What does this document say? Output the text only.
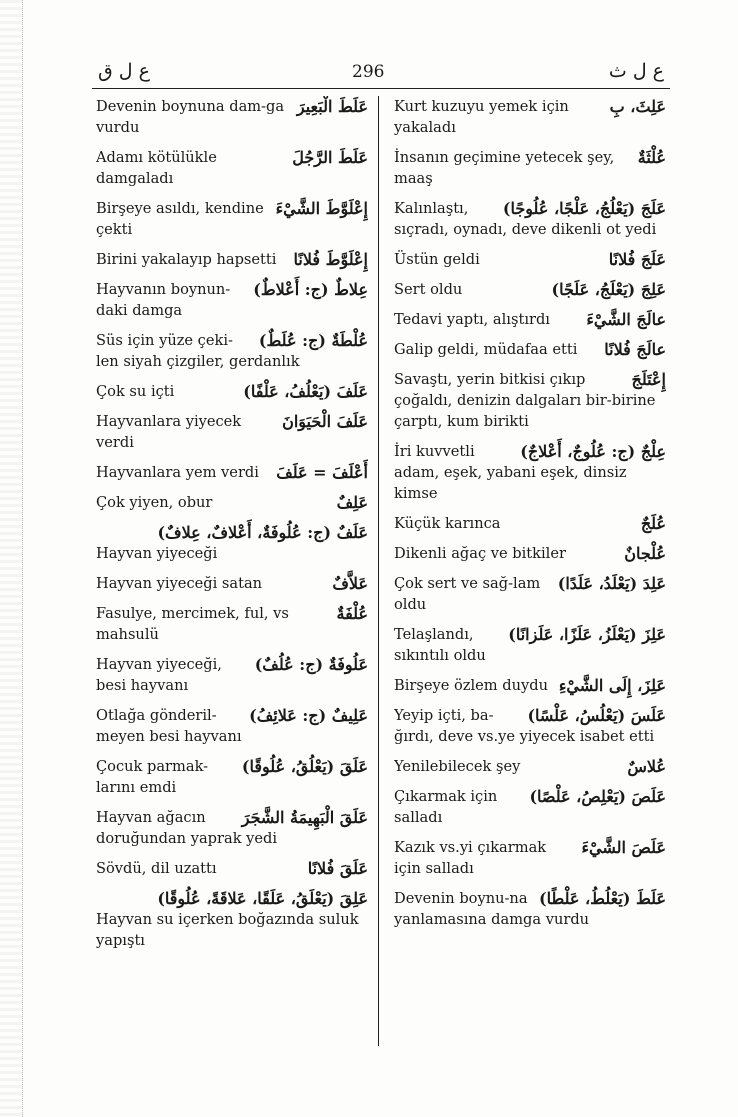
ع ل ق	296	ع ل ث
عَلَطَ الْبَعِيرَ
Devenin boynuna dam-ga vurdu
عَلَطَ الرَّجُلَ
Adamı kötülükle damgaladı
إِعْلَوَّطَ الشَّيْءَ
Birşeye asıldı, kendine çekti
إِعْلَوَّطَ فُلانًا
Birini yakalayıp hapsetti
عِلاطٌ (ج: أَعْلاطٌ)
Hayvanın boynun-daki damga
عُلْطَةٌ (ج: عُلَطٌ)
Süs için yüze çeki-len siyah çizgiler, gerdanlık
عَلَفَ (يَعْلُفُ، عَلْفًا)
Çok su içti
عَلَفَ الْحَيَوَانَ
Hayvanlara yiyecek verdi
أَعْلَفَ = عَلَفَ
Hayvanlara yem verdi
عَلِفٌ
Çok yiyen, obur
عَلَفٌ (ج: عُلُوفَةٌ، أَعْلافٌ، عِلافٌ)
Hayvan yiyeceği
عَلاَّفٌ
Hayvan yiyeceği satan
عُلْفَةٌ
Fasulye, mercimek, ful, vs mahsulü
عَلُوفَةٌ (ج: عُلُفٌ)
Hayvan yiyeceği, besi hayvanı
عَلِيفٌ (ج: عَلائِفُ)
Otlağa gönderil-meyen besi hayvanı
عَلَقَ (يَعْلُقُ، عُلُوقًا)
Çocuk parmak-larını emdi
عَلَقَ الْبَهِيمَةُ الشَّجَرَ
Hayvan ağacın doruğundan yaprak yedi
عَلَقَ فُلانًا
Sövdü, dil uzattı
عَلِقَ (يَعْلَقُ، عَلَقًا، عَلاقَةً، عُلُوقًا)
Hayvan su içerken boğazında suluk yapıştı
عَلِثَ، بِ
Kurt kuzuyu yemek için yakaladı
عُلْثَةٌ
İnsanın geçimine yetecek şey, maaş
عَلَجَ (يَعْلُجُ، عَلْجًا، عُلُوجًا)
Kalınlaştı, sıçradı, oynadı, deve dikenli ot yedi
عَلَجَ فُلانًا
Üstün geldi
عَلِجَ (يَعْلَجُ، عَلَجًا)
Sert oldu
عالَجَ الشَّيْءَ
Tedavi yaptı, alıştırdı
عالَجَ فُلانًا
Galip geldi, müdafaa etti
إِعْتَلَجَ
Savaştı, yerin bitkisi çıkıp çoğaldı, denizin dalgaları bir-birine çarptı, kum birikti
عِلْجٌ (ج: عُلُوجٌ، أَعْلاجٌ)
İri kuvvetli adam, eşek, yabani eşek, dinsiz kimse
عُلَجٌ
Küçük karınca
عُلْجانٌ
Dikenli ağaç ve bitkiler
عَلِدَ (يَعْلَدُ، عَلَدًا)
Çok sert ve sağ-lam oldu
عَلِزَ (يَعْلَزُ، عَلَزًا، عَلَزانًا)
Telaşlandı, sıkıntılı oldu
عَلِزَ، إِلَى الشَّيْءِ
Birşeye özlem duydu
عَلَسَ (يَعْلُسُ، عَلْسًا)
Yeyip içti, ba-ğırdı, deve vs.ye yiyecek isabet etti
عُلاسٌ
Yenilebilecek şey
عَلَصَ (يَعْلِصُ، عَلْصًا)
Çıkarmak için salladı
عَلَصَ الشَّيْءَ
Kazık vs.yi çıkarmak için salladı
عَلَطَ (يَعْلُطُ، عَلْطًا)
Devenin boynu-na yanlamasına damga vurdu
